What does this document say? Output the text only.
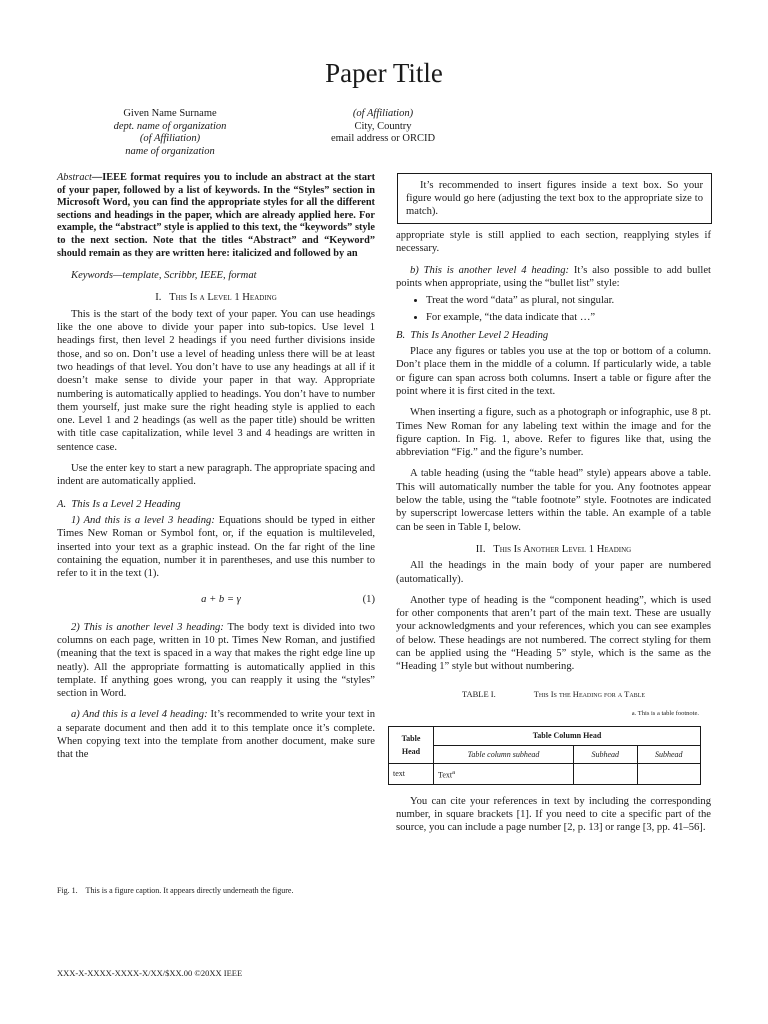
Paper Title
Given Name Surname
dept. name of organization
(of Affiliation)
name of organization
(of Affiliation)
City, Country
email address or ORCID

Abstract—IEEE format requires you to include an abstract at the start of your paper, followed by a list of keywords. In the “Styles” section in Microsoft Word, you can find the appropriate styles for all the different sections and headings in the paper, which are already applied here. For example, the “abstract” style is applied to this text, the “keywords” style to the next section. Note that the titles “Abstract” and “Keyword” should remain as they are written here: italicized and followed by an

Keywords—template, Scribbr, IEEE, format

I.   This Is a Level 1 Heading

This is the start of the body text of your paper. You can use headings like the one above to divide your paper into sub-topics. Use level 1 headings first, then level 2 headings if you need further divisions inside those, and so on. Don’t use a level of heading unless there will be at least two headings of that level. You don’t have to use any headings at all if it doesn’t make sense to divide your paper in that way. Appropriate numbering is automatically applied to headings. You don’t have to number them yourself, just make sure the right heading style is applied to each one. Level 1 and 2 headings (as well as the paper title) should be written with title case capitalization, while level 3 and 4 headings are written in sentence case.

Use the enter key to start a new paragraph. The appropriate spacing and indent are automatically applied.

A.  This Is a Level 2 Heading

1) And this is a level 3 heading: Equations should be typed in either Times New Roman or Symbol font, or, if the equation is multileveled, inserted into your text as a graphic instead. On the far right of the line containing the equation, number it in parentheses, and use this number to refer to it in the text (1).

a + b = γ	(1)

2) This is another level 3 heading: The body text is divided into two columns on each page, written in 10 pt. Times New Roman, and justified (meaning that the text is spaced in a way that makes the right edge line up neatly). All the appropriate formatting is automatically applied in this template. If anything goes wrong, you can reapply it using the “styles” section in Word.

a) And this is a level 4 heading: It’s recommended to write your text in a separate document and then add it to this template once it’s complete. When copying text into the template from another document, make sure that the

Fig. 1.    This is a figure caption. It appears directly underneath the figure.
XXX-X-XXXX-XXXX-X/XX/$XX.00 ©20XX IEEE

It’s recommended to insert figures inside a text box. So your figure would go here (adjusting the text box to the appropriate size to match).

appropriate style is still applied to each section, reapplying styles if necessary.

b) This is another level 4 heading: It’s also possible to add bullet points when appropriate, using the “bullet list” style:

• Treat the word “data” as plural, not singular.
• For example, “the data indicate that …”
B.  This Is Another Level 2 Heading

Place any figures or tables you use at the top or bottom of a column. Don’t place them in the middle of a column. If particularly wide, a table or figure can span across both columns. Insert a table or figure after the point where it is first cited in the text.

When inserting a figure, such as a photograph or infographic, use 8 pt. Times New Roman for any labeling text within the image and for the figure caption. In Fig. 1, above. Refer to figures like that, using the abbreviation “Fig.” and the figure’s number.

A table heading (using the “table head” style) appears above a table. This will automatically number the table for you. Any footnotes appear below the table, using the “table footnote” style. Footnotes are indicated by superscript lowercase letters within the table. An example of a table can be seen in Table I, below.

II.   This Is Another Level 1 Heading

All the headings in the main body of your paper are numbered (automatically).

Another type of heading is the “component heading”, which is used for other components that aren’t part of the main text. These are usually your acknowledgments and your references, which you can see examples of below. These headings are not numbered. The correct styling for them can be applied using the “Heading 5” style, which is the same as the “Heading 1” style but without numbering.

TABLE I.	This Is the Heading for a Table
a. This is a table footnote.
Table Head	Table Column Head		
	Table column subhead	Subhead	Subhead
text	Text$^a$		

You can cite your references in text by including the corresponding number, in square brackets [1]. If you need to cite a specific part of the source, you can include a page number [2, p. 13] or range [3, pp. 41–56].
